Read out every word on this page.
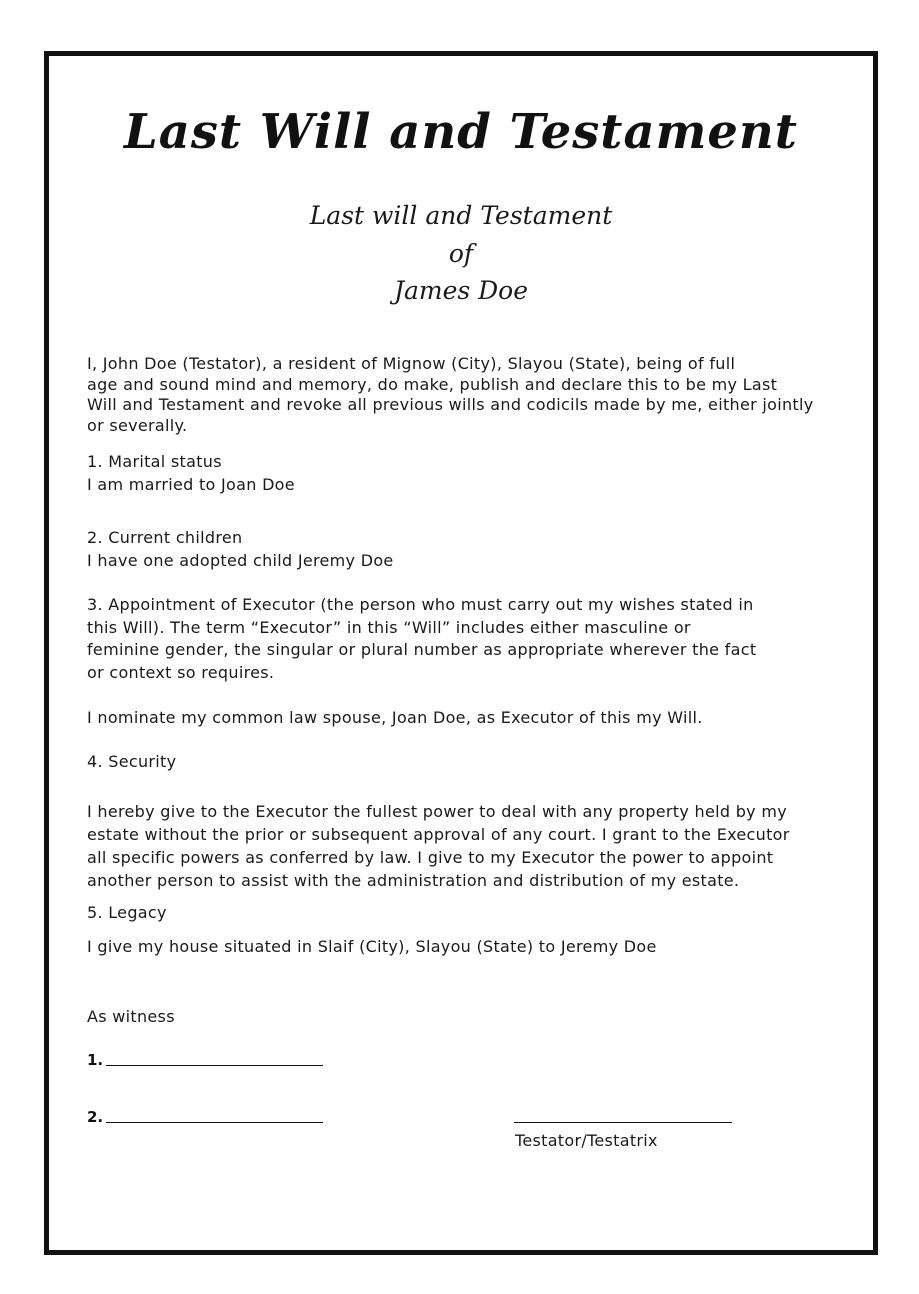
Last Will and Testament
Last will and Testament
of
James Doe
I, John Doe (Testator), a resident of Mignow (City), Slayou (State), being of full
age and sound mind and memory, do make, publish and declare this to be my Last
Will and Testament and revoke all previous wills and codicils made by me, either jointly
or severally.
1. Marital status
I am married to Joan Doe
2. Current children
I have one adopted child Jeremy Doe
3. Appointment of Executor (the person who must carry out my wishes stated in
this Will). The term “Executor” in this “Will” includes either masculine or
feminine gender, the singular or plural number as appropriate wherever the fact
or context so requires.
I nominate my common law spouse, Joan Doe, as Executor of this my Will.
4. Security
I hereby give to the Executor the fullest power to deal with any property held by my
estate without the prior or subsequent approval of any court. I grant to the Executor
all specific powers as conferred by law. I give to my Executor the power to appoint
another person to assist with the administration and distribution of my estate.
5. Legacy
I give my house situated in Slaif (City), Slayou (State) to Jeremy Doe
As witness
1.
2.
Testator/Testatrix
